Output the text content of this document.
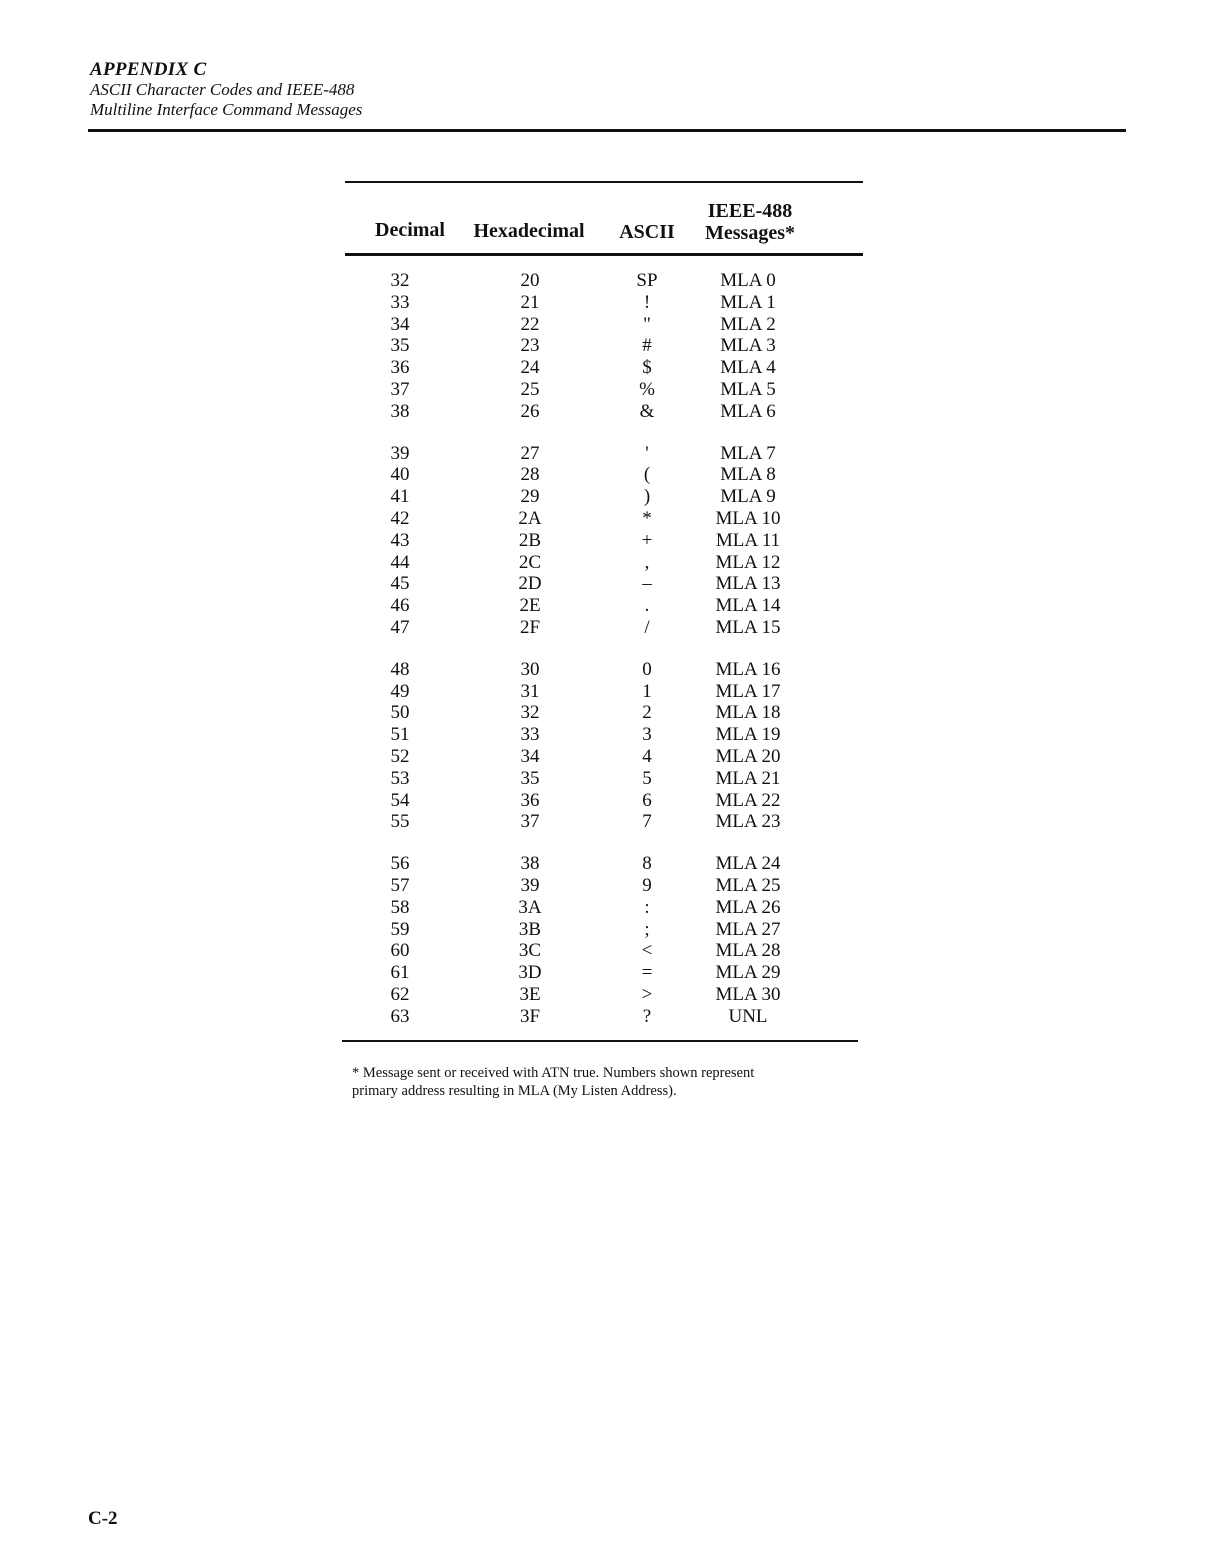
APPENDIX C
ASCII Character Codes and IEEE-488
Multiline Interface Command Messages
Decimal	Hexadecimal	ASCII
IEEE-488
Messages*
32	20	SP	MLA 0
33	21	!	MLA 1
34	22	"	MLA 2
35	23	#	MLA 3
36	24	$	MLA 4
37	25	%	MLA 5
38	26	&	MLA 6
39	27	'	MLA 7
40	28	(	MLA 8
41	29	)	MLA 9
42	2A	*	MLA 10
43	2B	+	MLA 11
44	2C	,	MLA 12
45	2D	–	MLA 13
46	2E	.	MLA 14
47	2F	/	MLA 15
48	30	0	MLA 16
49	31	1	MLA 17
50	32	2	MLA 18
51	33	3	MLA 19
52	34	4	MLA 20
53	35	5	MLA 21
54	36	6	MLA 22
55	37	7	MLA 23
56	38	8	MLA 24
57	39	9	MLA 25
58	3A	:	MLA 26
59	3B	;	MLA 27
60	3C	<	MLA 28
61	3D	=	MLA 29
62	3E	>	MLA 30
63	3F	?	UNL
* Message sent or received with ATN true. Numbers shown represent
primary address resulting in MLA (My Listen Address).
C-2
